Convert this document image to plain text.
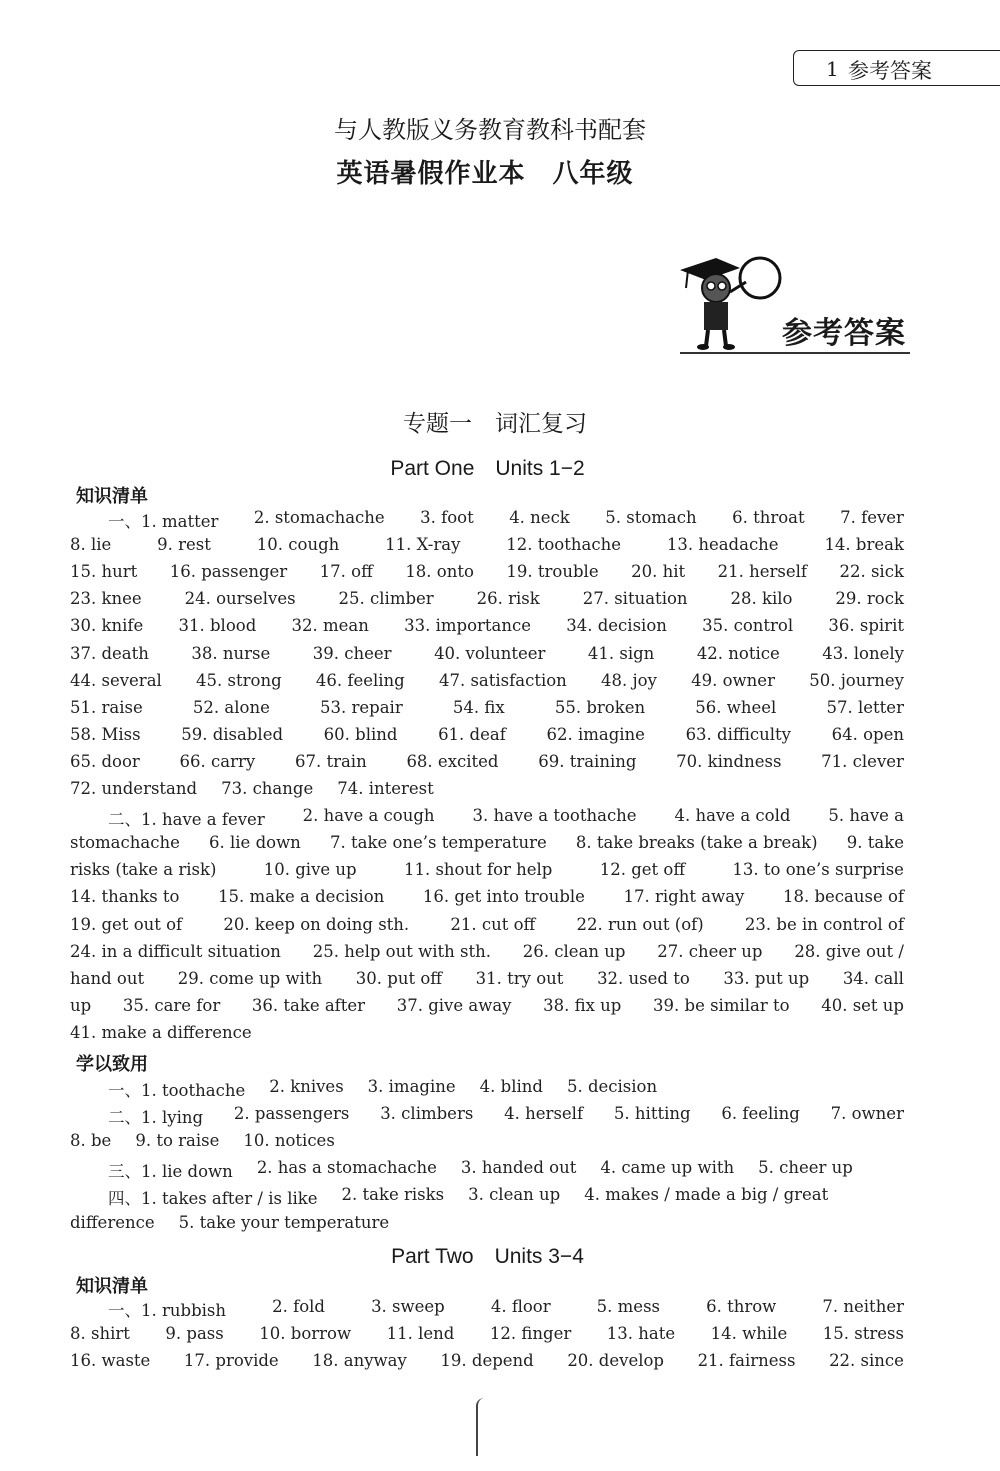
1 参考答案
与人教版义务教育教科书配套
英语暑假作业本　八年级
参考答案
专题一　词汇复习
Part One　Units 1−2
知识清单
一、1. matter 2. stomachache 3. foot 4. neck 5. stomach 6. throat 7. fever
8. lie	9. rest	10. cough	11. X-ray	12. toothache	13. headache	14. break
15. hurt 16. passenger 17. off 18. onto 19. trouble 20. hit 21. herself 22. sick
23. knee	24. ourselves	25. climber	26. risk	27. situation	28. kilo	29. rock
30. knife 31. blood 32. mean 33. importance 34. decision 35. control 36. spirit
37. death	38. nurse	39. cheer	40. volunteer	41. sign	42. notice	43. lonely
44. several 45. strong 46. feeling 47. satisfaction 48. joy 49. owner 50. journey
51. raise	52. alone	53. repair	54. fix	55. broken	56. wheel	57. letter
58. Miss 59. disabled 60. blind 61. deaf 62. imagine 63. difficulty 64. open
65. door 66. carry 67. train 68. excited 69. training 70. kindness 71. clever
72. understand 73. change 74. interest
二、1. have a fever 2. have a cough 3. have a toothache 4. have a cold 5. have a
stomachache 6. lie down 7. take one’s temperature 8. take breaks (take a break) 9. take
risks (take a risk)	10. give up	11. shout for help	12. get off	13. to one’s surprise
14. thanks to 15. make a decision 16. get into trouble 17. right away 18. because of
19. get out of 20. keep on doing sth. 21. cut off 22. run out (of) 23. be in control of
24. in a difficult situation 25. help out with sth. 26. clean up 27. cheer up 28. give out /
hand out 29. come up with 30. put off 31. try out 32. used to 33. put up 34. call
up 35. care for 36. take after 37. give away 38. fix up 39. be similar to 40. set up
41. make a difference
学以致用
一、1. toothache 2. knives 3. imagine 4. blind 5. decision
二、1. lying 2. passengers 3. climbers 4. herself 5. hitting 6. feeling 7. owner
8. be 9. to raise 10. notices
三、1. lie down 2. has a stomachache 3. handed out 4. came up with 5. cheer up
四、1. takes after / is like 2. take risks 3. clean up 4. makes / made a big / great
difference 5. take your temperature
Part Two　Units 3−4
知识清单
一、1. rubbish	2. fold	3. sweep	4. floor	5. mess	6. throw	7. neither
8. shirt 9. pass 10. borrow 11. lend 12. finger 13. hate 14. while 15. stress
16. waste 17. provide 18. anyway 19. depend 20. develop 21. fairness 22. since
